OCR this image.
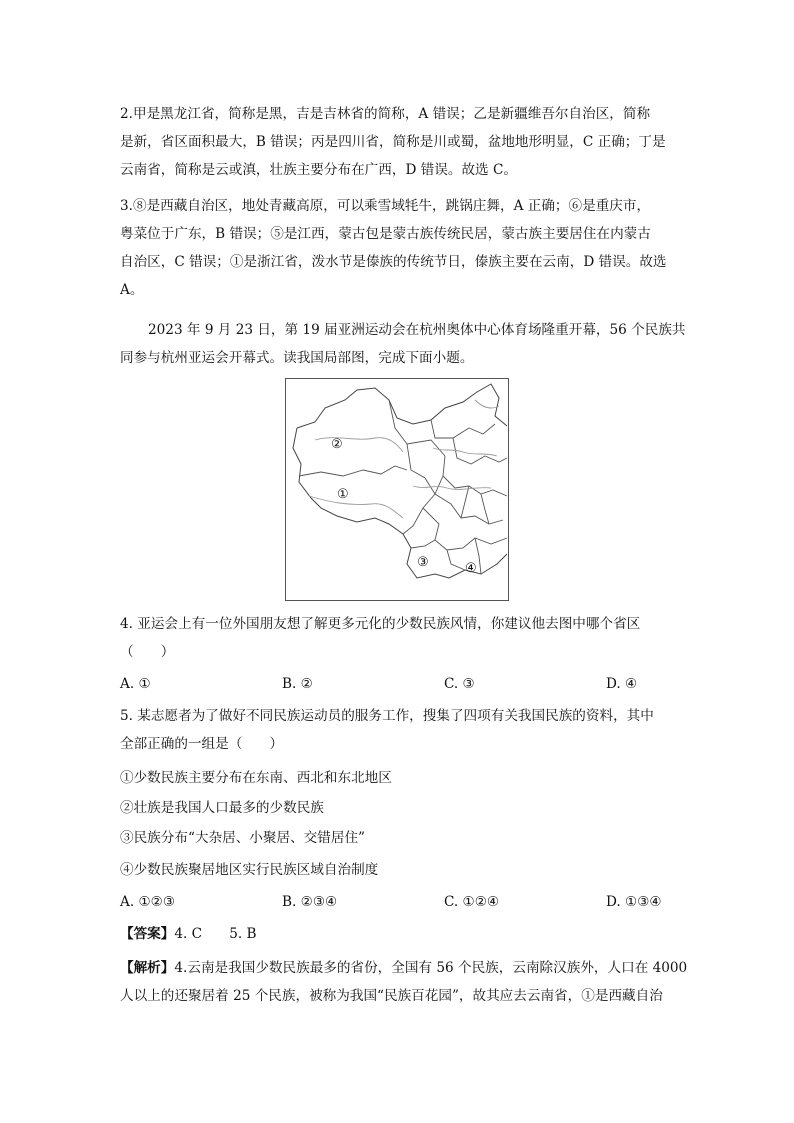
2.甲是黑龙江省，简称是黑，吉是吉林省的简称，A 错误；乙是新疆维吾尔自治区，简称
是新，省区面积最大，B 错误；丙是四川省，简称是川或蜀，盆地地形明显，C 正确；丁是
云南省，简称是云或滇，壮族主要分布在广西，D 错误。故选 C。
3.⑧是西藏自治区，地处青藏高原，可以乘雪域牦牛，跳锅庄舞，A 正确；⑥是重庆市，
粤菜位于广东，B 错误；⑤是江西，蒙古包是蒙古族传统民居，蒙古族主要居住在内蒙古
自治区，C 错误；①是浙江省，泼水节是傣族的传统节日，傣族主要在云南，D 错误。故选
A。
2023 年 9 月 23 日，第 19 届亚洲运动会在杭州奥体中心体育场隆重开幕，56 个民族共
同参与杭州亚运会开幕式。读我国局部图，完成下面小题。
②
①
③	④
4. 亚运会上有一位外国朋友想了解更多元化的少数民族风情，你建议他去图中哪个省区
（　　）
A. ①	B. ②	C. ③	D. ④
5. 某志愿者为了做好不同民族运动员的服务工作，搜集了四项有关我国民族的资料，其中
全部正确的一组是（　　）
①少数民族主要分布在东南、西北和东北地区
②壮族是我国人口最多的少数民族
③民族分布“大杂居、小聚居、交错居住”
④少数民族聚居地区实行民族区域自治制度
A. ①②③	B. ②③④	C. ①②④	D. ①③④
【答案】4. C　　5. B
【解析】4.云南是我国少数民族最多的省份，全国有 56 个民族，云南除汉族外，人口在 4000
人以上的还聚居着 25 个民族，被称为我国“民族百花园”，故其应去云南省，①是西藏自治
